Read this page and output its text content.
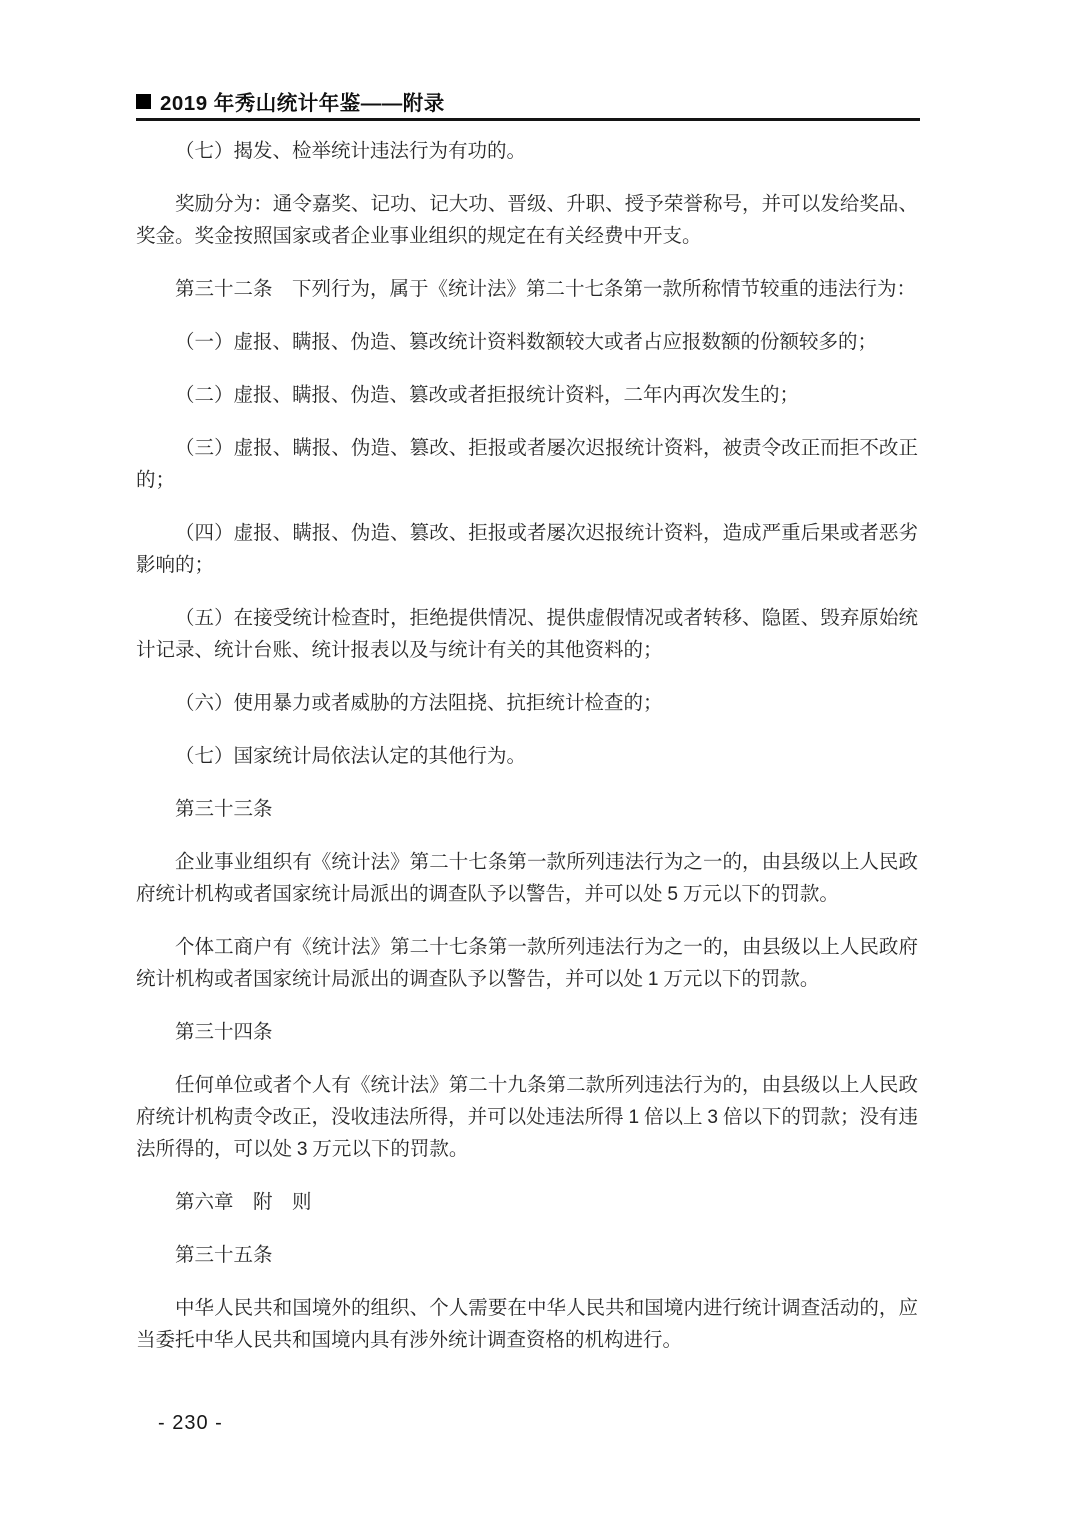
2019 年秀山统计年鉴——附录

（七）揭发、检举统计违法行为有功的。

奖励分为：通令嘉奖、记功、记大功、晋级、升职、授予荣誉称号，并可以发给奖品、奖金。奖金按照国家或者企业事业组织的规定在有关经费中开支。

第三十二条　下列行为，属于《统计法》第二十七条第一款所称情节较重的违法行为：

（一）虚报、瞒报、伪造、篡改统计资料数额较大或者占应报数额的份额较多的；

（二）虚报、瞒报、伪造、篡改或者拒报统计资料，二年内再次发生的；

（三）虚报、瞒报、伪造、篡改、拒报或者屡次迟报统计资料，被责令改正而拒不改正的；

（四）虚报、瞒报、伪造、篡改、拒报或者屡次迟报统计资料，造成严重后果或者恶劣影响的；

（五）在接受统计检查时，拒绝提供情况、提供虚假情况或者转移、隐匿、毁弃原始统计记录、统计台账、统计报表以及与统计有关的其他资料的；

（六）使用暴力或者威胁的方法阻挠、抗拒统计检查的；

（七）国家统计局依法认定的其他行为。

第三十三条

企业事业组织有《统计法》第二十七条第一款所列违法行为之一的，由县级以上人民政府统计机构或者国家统计局派出的调查队予以警告，并可以处 5 万元以下的罚款。

个体工商户有《统计法》第二十七条第一款所列违法行为之一的，由县级以上人民政府统计机构或者国家统计局派出的调查队予以警告，并可以处 1 万元以下的罚款。

第三十四条

任何单位或者个人有《统计法》第二十九条第二款所列违法行为的，由县级以上人民政府统计机构责令改正，没收违法所得，并可以处违法所得 1 倍以上 3 倍以下的罚款；没有违法所得的，可以处 3 万元以下的罚款。

第六章　附　则

第三十五条

中华人民共和国境外的组织、个人需要在中华人民共和国境内进行统计调查活动的，应当委托中华人民共和国境内具有涉外统计调查资格的机构进行。

- 230 -
